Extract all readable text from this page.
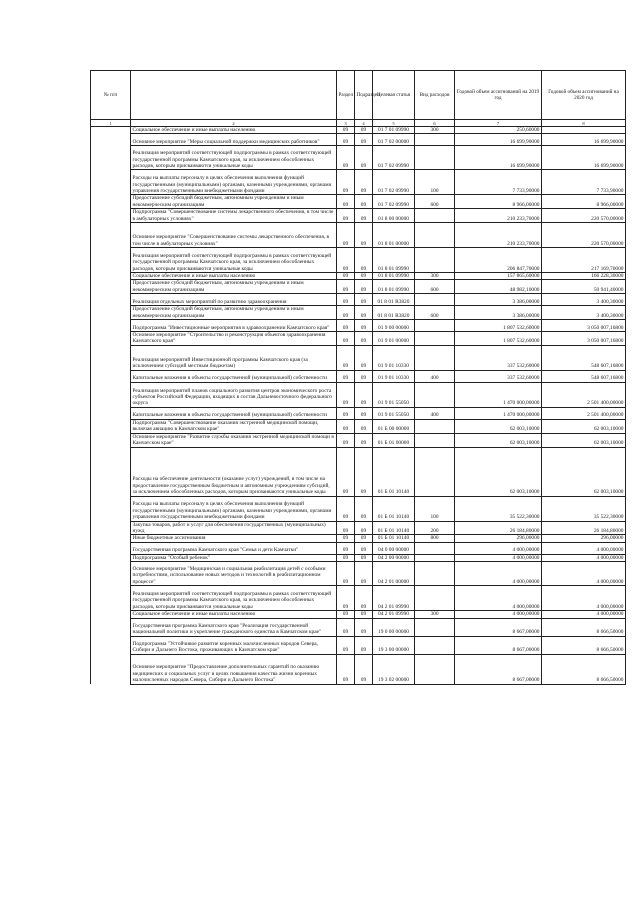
№ п/п		Раздел	Подраздел	Целевая статья	Вид расходов	Годовой объем ассигнований на 2019 год	Годовой объем ассигнований на 2020 год
1	2	3	4	5	6	7	8
	Социальное обеспечение и иные выплаты населению	09	09	01 7 01 09990	300	250,60000	
	Основное мероприятие "Меры социальной поддержки медицинских работников"	09	09	01 7 02 00000		16 699,90000	16 699,90000
	Реализация мероприятий соответствующей подпрограммы в рамках соответствующей государственной программы Камчатского края, за исключением обособленных расходов, которым присваиваются уникальные коды	09	09	01 7 02 09990		16 699,90000	16 699,90000
	Расходы на выплаты персоналу в целях обеспечения выполнения функций государственными (муниципальными) органами, казенными учреждениями, органами управления государственными внебюджетными фондами	09	09	01 7 02 09990	100	7 733,90000	7 733,90000
	Предоставление субсидий бюджетным, автономным учреждениям и иным некоммерческим организациям	09	09	01 7 02 09990	600	8 966,00000	8 966,00000
	Подпрограмма "Совершенствование системы лекарственного обеспечения, в том числе в амбулаторных условиях"	09	09	01 8 00 00000		210 233,70000	220 570,00000
	Основное мероприятие "Совершенствование системы лекарственного обеспечения, в том числе в амбулаторных условиях"	09	09	01 8 01 00000		210 233,70000	220 570,00000
	Реализация мероприятий соответствующей подпрограммы в рамках соответствующей государственной программы Камчатского края, за исключением обособленных расходов, которым присваиваются уникальные коды	09	09	01 8 01 09990		206 847,70000	217 169,70000
	Социальное обеспечение и иные выплаты населению	09	09	01 8 01 09990	300	157 865,60000	166 228,30000
	Предоставление субсидий бюджетным, автономным учреждениям и иным некоммерческим организациям	09	09	01 8 01 09990	600	48 982,10000	50 941,40000
	Реализация отдельных мероприятий по развитию здравоохранения	09	09	01 8 01 R3820		3 386,00000	3 400,30000
	Предоставление субсидий бюджетным, автономным учреждениям и иным некоммерческим организациям	09	09	01 8 01 R3820	600	3 386,00000	3 400,30000
	Подпрограмма "Инвестиционные мероприятия в здравоохранении Камчатского края"	09	09	01 9 00 00000		1 807 532,60000	3 050 007,16800
	Основное мероприятие "Строительство и реконструкция объектов здравоохранения Камчатского края"	09	09	01 9 01 00000		1 807 532,60000	3 050 007,16800
	Реализация мероприятий Инвестиционной программы Камчатского края (за исключением субсидий местным бюджетам)	09	09	01 9 01 10330		337 532,60000	548 607,16800
	Капитальные вложения в объекты государственной (муниципальной) собственности	09	09	01 9 01 10330	400	337 532,60000	548 607,16800
	Реализация мероприятий планов социального развития центров экономического роста субъектов Российской Федерации, входящих в состав Дальневосточного федерального округа	09	09	01 9 01 55050		1 470 000,00000	2 501 400,00000
	Капитальные вложения в объекты государственной (муниципальной) собственности	09	09	01 9 01 55050	400	1 470 000,00000	2 501 400,00000
	Подпрограмма "Совершенствование оказания экстренной медицинской помощи, включая авиацию в Камчатском крае"	09	09	01 Б 00 00000		62 003,10000	62 003,10000
	Основное мероприятие "Развитие службы оказания экстренной медицинской помощи в Камчатском крае"	09	09	01 Б 01 00000		62 003,10000	62 003,10000
	Расходы на обеспечение деятельности (оказание услуг) учреждений, в том числе на предоставление государственным бюджетным и автономным учреждениям субсидий, за исключением обособленных расходов, которым присваиваются уникальные коды	09	09	01 Б 01 10140		62 003,10000	62 003,10000
	Расходы на выплаты персоналу в целях обеспечения выполнения функций государственными (муниципальными) органами, казенными учреждениями, органами управления государственными внебюджетными фондами	09	09	01 Б 01 10140	100	35 522,30000	35 522,30000
	Закупка товаров, работ и услуг для обеспечения государственных (муниципальных) нужд	09	09	01 Б 01 10140	200	26 184,80000	26 184,80000
	Иные бюджетные ассигнования	09	09	01 Б 01 10140	800	296,00000	296,00000
	Государственная программа Камчатского края "Семья и дети Камчатки"	09	09	04 0 00 00000		4 000,00000	4 000,00000
	Подпрограмма "Особый ребенок"	09	09	04 2 00 00000		4 000,00000	4 000,00000
	Основное мероприятие "Медицинская и социальная реабилитация детей с особыми потребностями, использование новых методов и технологий в реабилитационном процессе"	09	09	04 2 01 00000		4 000,00000	4 000,00000
	Реализация мероприятий соответствующей подпрограммы в рамках соответствующей государственной программы Камчатского края, за исключением обособленных расходов, которым присваиваются уникальные коды	09	09	04 2 01 09990		4 000,00000	4 000,00000
	Социальное обеспечение и иные выплаты населению	09	09	04 2 01 09990	300	4 000,00000	4 000,00000
	Государственная программа Камчатского края "Реализация государственной национальной политики и укрепление гражданского единства в Камчатском крае"	09	09	19 0 00 00000		8 667,00000	8 666,50000
	Подпрограмма "Устойчивое развитие коренных малочисленных народов Севера, Сибири и Дальнего Востока, проживающих в Камчатском крае"	09	09	19 3 00 00000		8 667,00000	8 666,50000
	Основное мероприятие "Предоставление дополнительных гарантий по оказанию медицинских и социальных услуг в целях повышения качества жизни коренных малочисленных народов Севера, Сибири и Дальнего Востока"	09	09	19 3 02 00000		8 667,00000	8 666,50000
